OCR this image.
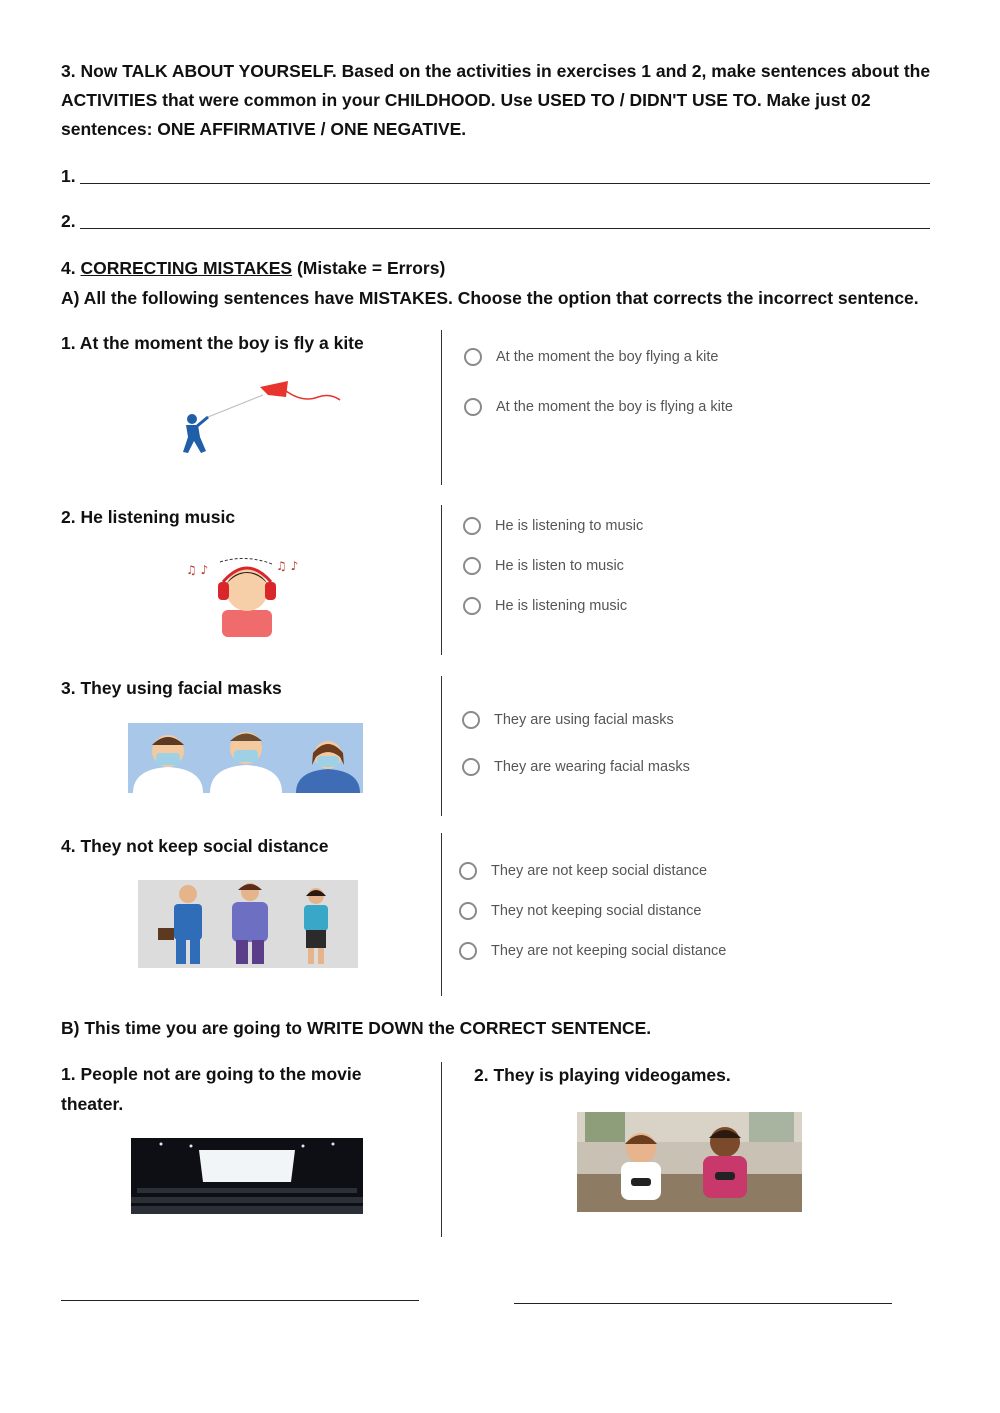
3. Now TALK ABOUT YOURSELF. Based on the activities in exercises 1 and 2, make sentences about the ACTIVITIES that were common in your CHILDHOOD. Use USED TO / DIDN'T USE TO. Make just 02 sentences: ONE AFFIRMATIVE / ONE NEGATIVE.
1.
2.
4. CORRECTING MISTAKES (Mistake = Errors)
A) All the following sentences have MISTAKES. Choose the option that corrects the incorrect sentence.
1. At the moment the boy is fly a kite
At the moment the boy flying a kite
At the moment the boy is flying a kite
2. He listening music
♫ ♪	♫ ♪
He is listening to music
He is listen to music
He is listening music
3. They using facial masks
They are using facial masks
They are wearing facial masks
4. They not keep social distance
They are not keep social distance
They not keeping social distance
They are not keeping social distance
B) This time you are going to WRITE DOWN the CORRECT SENTENCE.
1. People not are going to the movie theater.
2. They is playing videogames.
